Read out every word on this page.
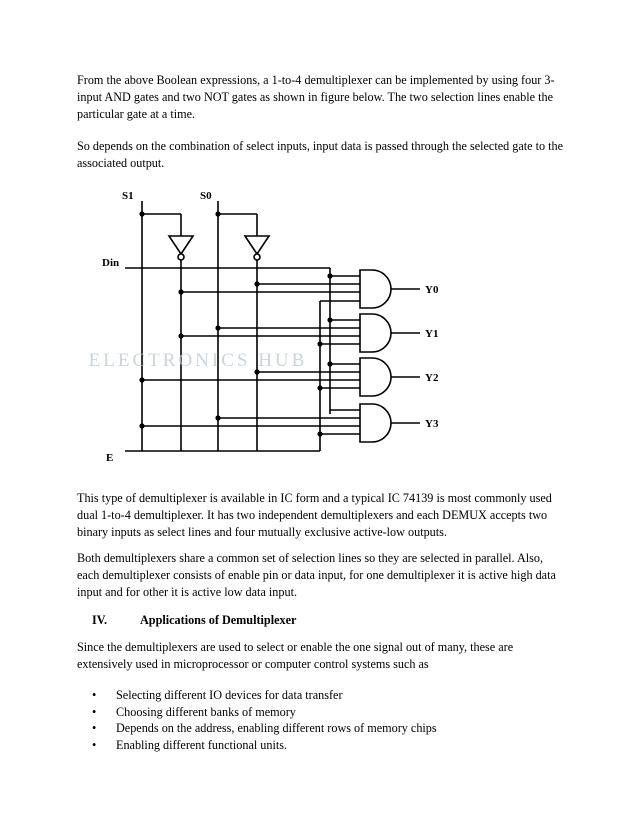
From the above Boolean expressions, a 1-to-4 demultiplexer can be implemented by using four 3-input AND gates and two NOT gates as shown in figure below. The two selection lines enable the particular gate at a time.

So depends on the combination of select inputs, input data is passed through the selected gate to the associated output.

ELECTRONICS HUB
S1	S0
Din
E
Y0
Y1
Y2
Y3

This type of demultiplexer is available in IC form and a typical IC 74139 is most commonly used dual 1-to-4 demultiplexer. It has two independent demultiplexers and each DEMUX accepts two binary inputs as select lines and four mutually exclusive active-low outputs.

Both demultiplexers share a common set of selection lines so they are selected in parallel. Also, each demultiplexer consists of enable pin or data input, for one demultiplexer it is active high data input and for other it is active low data input.

IV.	Applications of Demultiplexer

Since the demultiplexers are used to select or enable the one signal out of many, these are extensively used in microprocessor or computer control systems such as

• Selecting different IO devices for data transfer
• Choosing different banks of memory
• Depends on the address, enabling different rows of memory chips
• Enabling different functional units.
